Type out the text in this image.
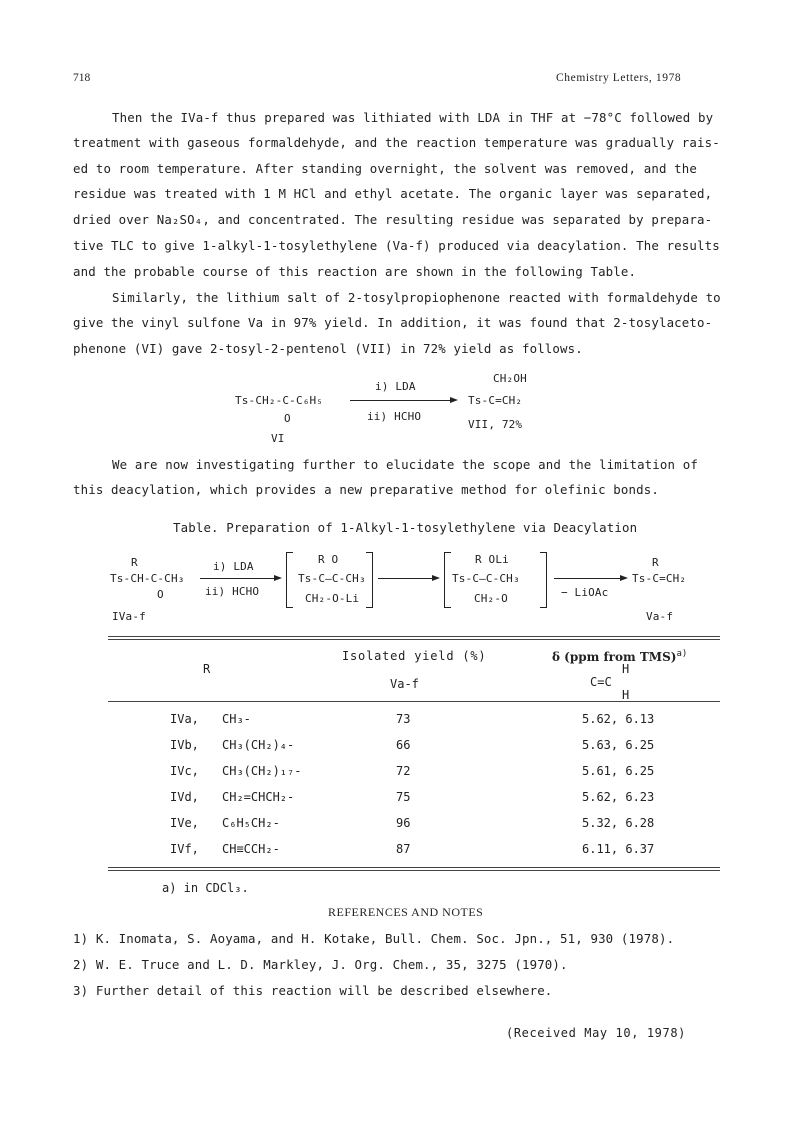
718	Chemistry Letters, 1978
Then the IVa-f thus prepared was lithiated with LDA in THF at −78°C followed by
treatment with gaseous formaldehyde, and the reaction temperature was gradually rais-
ed to room temperature. After standing overnight, the solvent was removed, and the
residue was treated with 1 M HCl and ethyl acetate. The organic layer was separated,
dried over Na₂SO₄, and concentrated. The resulting residue was separated by prepara-
tive TLC to give 1-alkyl-1-tosylethylene (Va-f) produced via deacylation. The results
and the probable course of this reaction are shown in the following Table.
Similarly, the lithium salt of 2-tosylpropiophenone reacted with formaldehyde to
give the vinyl sulfone Va in 97% yield. In addition, it was found that 2-tosylaceto-
phenone (VI) gave 2-tosyl-2-pentenol (VII) in 72% yield as follows.
Ts-CH₂-C-C₆H₅
O
VI
i) LDA
ii) HCHO
CH₂OH
Ts-C=CH₂
VII, 72%
We are now investigating further to elucidate the scope and the limitation of
this deacylation, which provides a new preparative method for olefinic bonds.
Table. Preparation of 1-Alkyl-1-tosylethylene via Deacylation
R
Ts-CH-C-CH₃
O
IVa-f
i) LDA
ii) HCHO
R O
Ts-C—C-CH₃
CH₂-O-Li
R OLi
Ts-C—C-CH₃
CH₂-O	− LiOAc
R
Ts-C=CH₂
Va-f
R
Isolated yield (%)
Va-f
δ (ppm from TMS)$^{a)}$
H
C=C
H
IVa, CH₃-	73	5.62, 6.13
IVb, CH₃(CH₂)₄-	66	5.63, 6.25
IVc, CH₃(CH₂)₁₇-	72	5.61, 6.25
IVd, CH₂=CHCH₂-	75	5.62, 6.23
IVe, C₆H₅CH₂-	96	5.32, 6.28
IVf, CH≡CCH₂-	87	6.11, 6.37
a) in CDCl₃.
REFERENCES AND NOTES
1) K. Inomata, S. Aoyama, and H. Kotake, Bull. Chem. Soc. Jpn., 51, 930 (1978).
2) W. E. Truce and L. D. Markley, J. Org. Chem., 35, 3275 (1970).
3) Further detail of this reaction will be described elsewhere.
(Received May 10, 1978)
